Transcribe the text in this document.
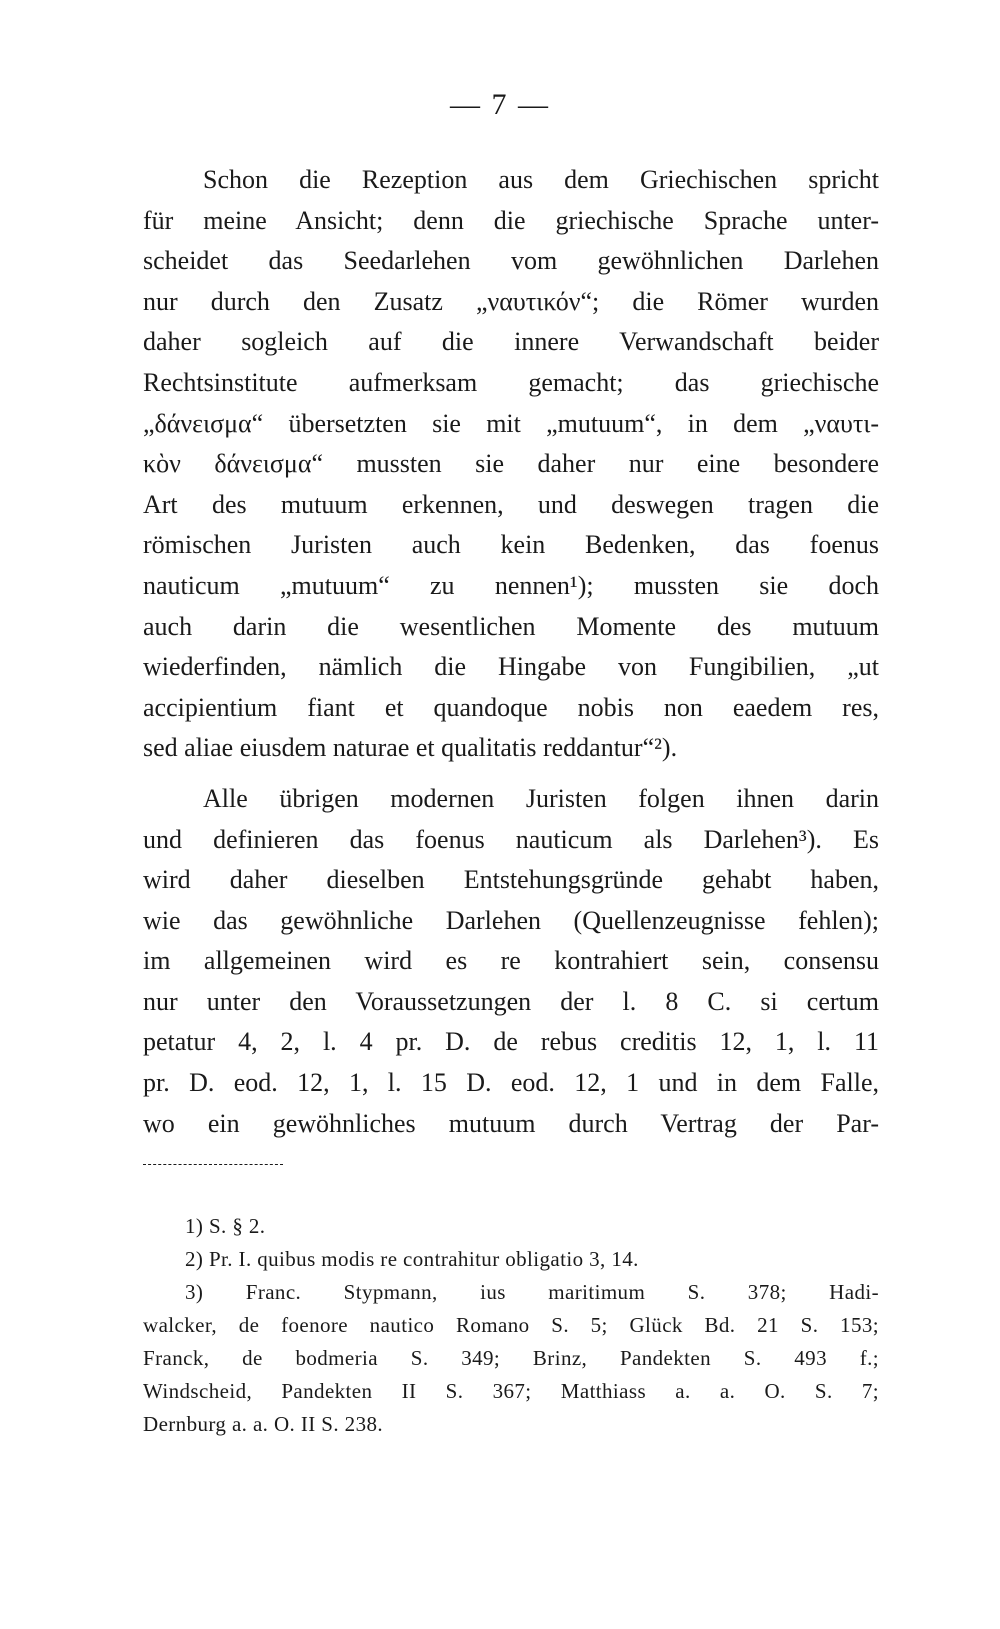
— 7 —
Schon die Rezeption aus dem Griechischen spricht
für meine Ansicht; denn die griechische Sprache unter-
scheidet das Seedarlehen vom gewöhnlichen Darlehen
nur durch den Zusatz „ναυτικόν“; die Römer wurden
daher sogleich auf die innere Verwandschaft beider
Rechtsinstitute aufmerksam gemacht; das griechische
„δάνεισμα“ übersetzten sie mit „mutuum“, in dem „ναυτι-
κὸν δάνεισμα“ mussten sie daher nur eine besondere
Art des mutuum erkennen, und deswegen tragen die
römischen Juristen auch kein Bedenken, das foenus
nauticum „mutuum“ zu nennen¹); mussten sie doch
auch darin die wesentlichen Momente des mutuum
wiederfinden, nämlich die Hingabe von Fungibilien, „ut
accipientium fiant et quandoque nobis non eaedem res,
sed aliae eiusdem naturae et qualitatis reddantur“²).
Alle übrigen modernen Juristen folgen ihnen darin
und definieren das foenus nauticum als Darlehen³). Es
wird daher dieselben Entstehungsgründe gehabt haben,
wie das gewöhnliche Darlehen (Quellenzeugnisse fehlen);
im allgemeinen wird es re kontrahiert sein, consensu
nur unter den Voraussetzungen der l. 8 C. si certum
petatur 4, 2, l. 4 pr. D. de rebus creditis 12, 1, l. 11
pr. D. eod. 12, 1, l. 15 D. eod. 12, 1 und in dem Falle,
wo ein gewöhnliches mutuum durch Vertrag der Par-
1) S. § 2.
2) Pr. I. quibus modis re contrahitur obligatio 3, 14.
3) Franc. Stypmann, ius maritimum S. 378; Hadi-
walcker, de foenore nautico Romano S. 5; Glück Bd. 21 S. 153;
Franck, de bodmeria S. 349; Brinz, Pandekten S. 493 f.;
Windscheid, Pandekten II S. 367; Matthiass a. a. O. S. 7;
Dernburg a. a. O. II S. 238.
